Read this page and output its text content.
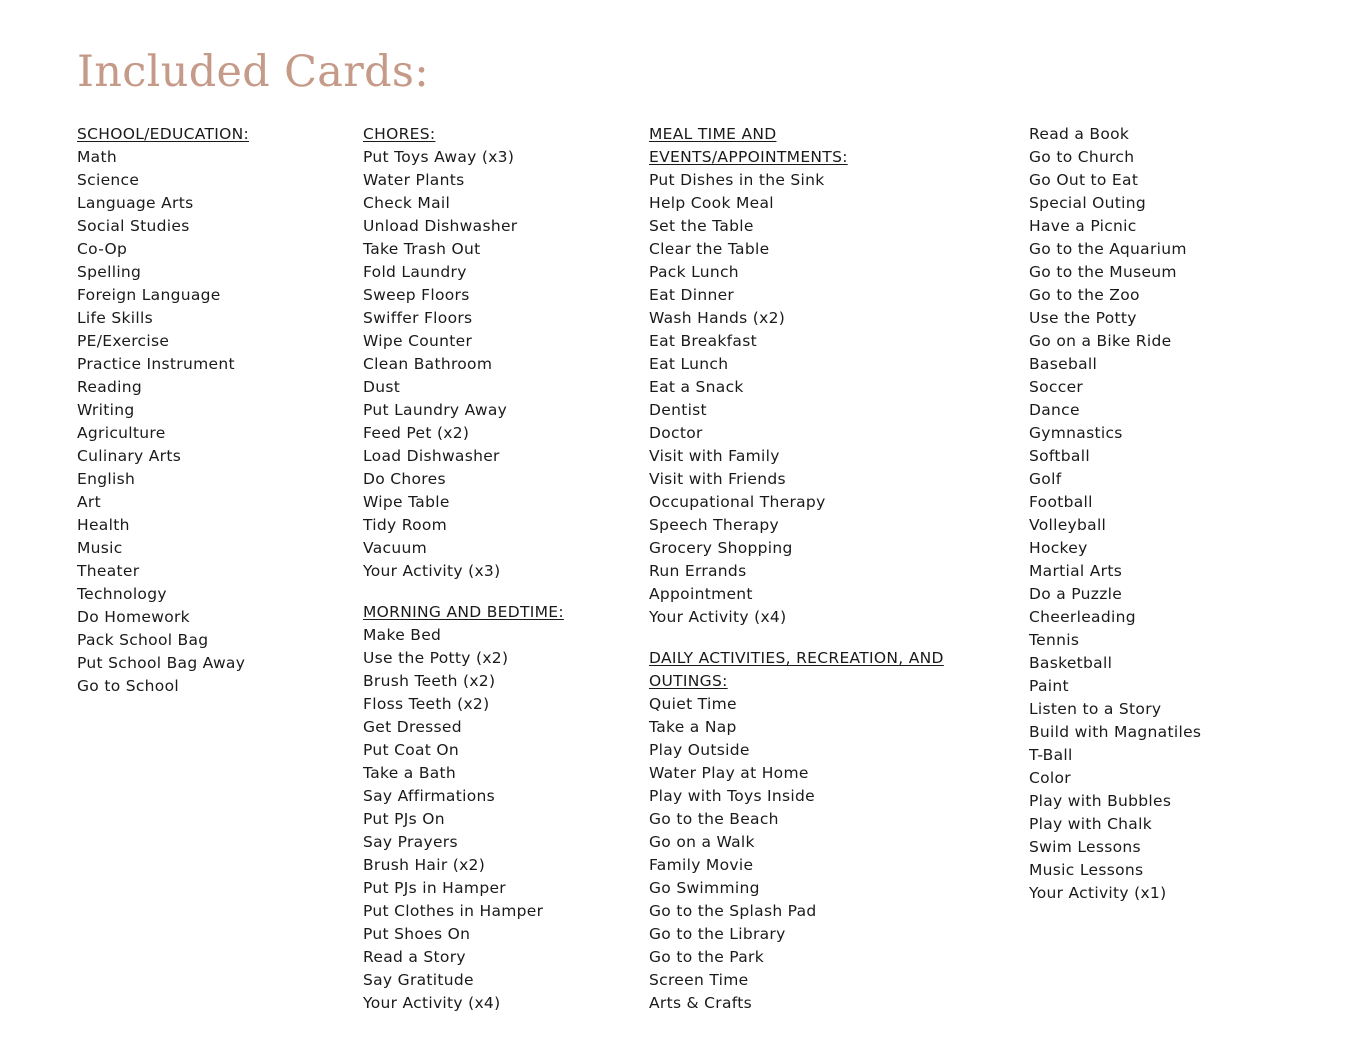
Included Cards:
SCHOOL/EDUCATION:
Math
Science
Language Arts
Social Studies
Co-Op
Spelling
Foreign Language
Life Skills
PE/Exercise
Practice Instrument
Reading
Writing
Agriculture
Culinary Arts
English
Art
Health
Music
Theater
Technology
Do Homework
Pack School Bag
Put School Bag Away
Go to School
CHORES:
Put Toys Away (x3)
Water Plants
Check Mail
Unload Dishwasher
Take Trash Out
Fold Laundry
Sweep Floors
Swiffer Floors
Wipe Counter
Clean Bathroom
Dust
Put Laundry Away
Feed Pet (x2)
Load Dishwasher
Do Chores
Wipe Table
Tidy Room
Vacuum
Your Activity (x3)
MORNING AND BEDTIME:
Make Bed
Use the Potty (x2)
Brush Teeth (x2)
Floss Teeth (x2)
Get Dressed
Put Coat On
Take a Bath
Say Affirmations
Put PJs On
Say Prayers
Brush Hair (x2)
Put PJs in Hamper
Put Clothes in Hamper
Put Shoes On
Read a Story
Say Gratitude
Your Activity (x4)
MEAL TIME AND
EVENTS/APPOINTMENTS:
Put Dishes in the Sink
Help Cook Meal
Set the Table
Clear the Table
Pack Lunch
Eat Dinner
Wash Hands (x2)
Eat Breakfast
Eat Lunch
Eat a Snack
Dentist
Doctor
Visit with Family
Visit with Friends
Occupational Therapy
Speech Therapy
Grocery Shopping
Run Errands
Appointment
Your Activity (x4)
DAILY ACTIVITIES, RECREATION, AND
OUTINGS:
Quiet Time
Take a Nap
Play Outside
Water Play at Home
Play with Toys Inside
Go to the Beach
Go on a Walk
Family Movie
Go Swimming
Go to the Splash Pad
Go to the Library
Go to the Park
Screen Time
Arts & Crafts
Read a Book
Go to Church
Go Out to Eat
Special Outing
Have a Picnic
Go to the Aquarium
Go to the Museum
Go to the Zoo
Use the Potty
Go on a Bike Ride
Baseball
Soccer
Dance
Gymnastics
Softball
Golf
Football
Volleyball
Hockey
Martial Arts
Do a Puzzle
Cheerleading
Tennis
Basketball
Paint
Listen to a Story
Build with Magnatiles
T-Ball
Color
Play with Bubbles
Play with Chalk
Swim Lessons
Music Lessons
Your Activity (x1)
